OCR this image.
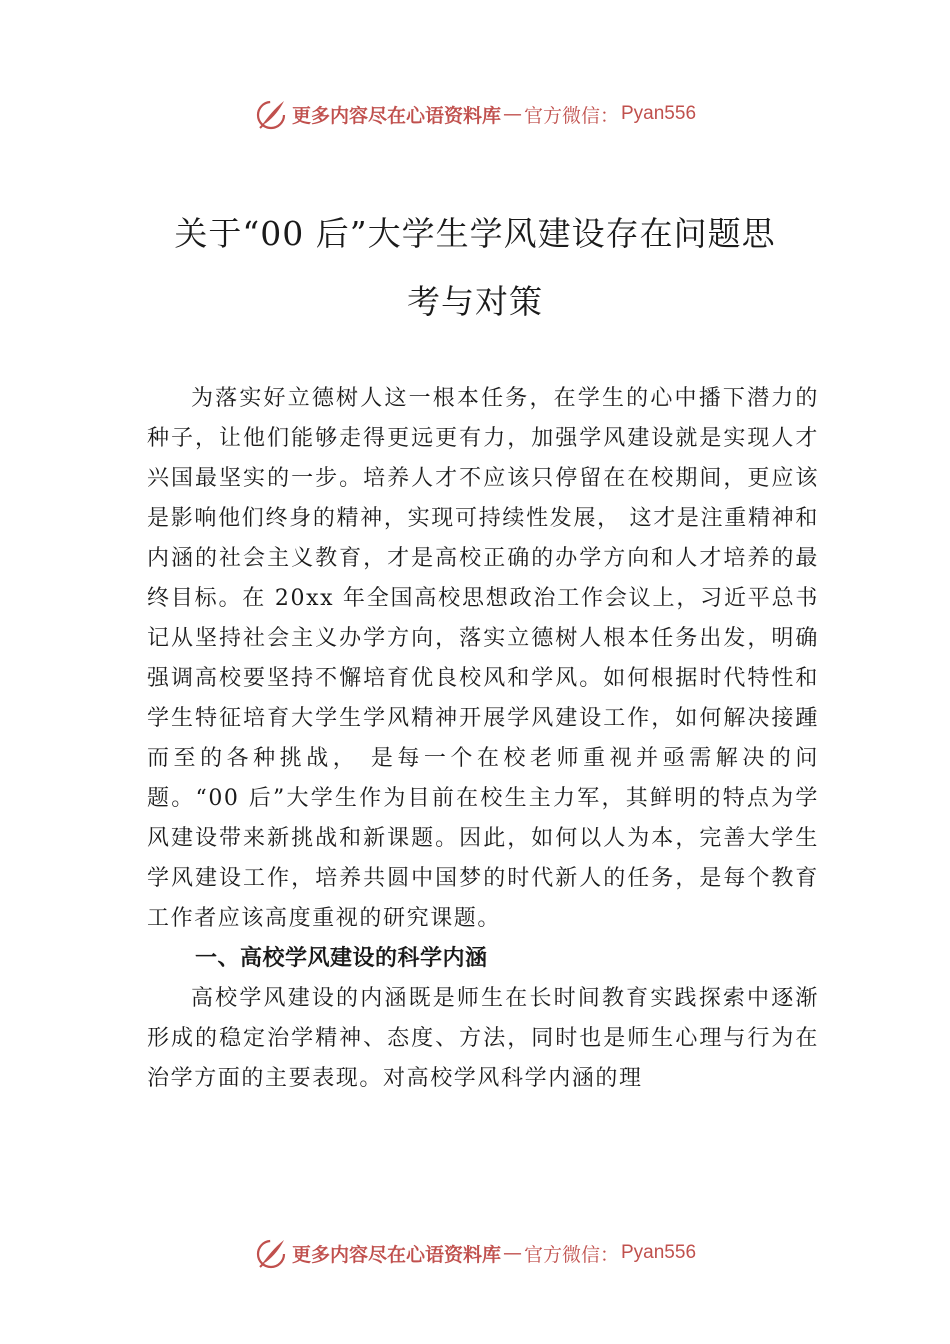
更多内容尽在心语资料库 — 官方微信： Pyan556
关于“00 后”大学生学风建设存在问题思
考与对策

为落实好立德树人这一根本任务，在学生的心中播下潜力的种子，让他们能够走得更远更有力，加强学风建设就是实现人才兴国最坚实的一步。培养人才不应该只停留在在校期间，更应该是影响他们终身的精神，实现可持续性发展， 这才是注重精神和内涵的社会主义教育，才是高校正确的办学方向和人才培养的最终目标。在 20xx 年全国高校思想政治工作会议上，习近平总书记从坚持社会主义办学方向，落实立德树人根本任务出发，明确强调高校要坚持不懈培育优良校风和学风。如何根据时代特性和学生特征培育大学生学风精神开展学风建设工作，如何解决接踵而至的各种挑战， 是每一个在校老师重视并亟需解决的问题。“00 后”大学生作为目前在校生主力军，其鲜明的特点为学风建设带来新挑战和新课题。因此，如何以人为本，完善大学生学风建设工作，培养共圆中国梦的时代新人的任务，是每个教育工作者应该高度重视的研究课题。

一、高校学风建设的科学内涵

高校学风建设的内涵既是师生在长时间教育实践探索中逐渐形成的稳定治学精神、态度、方法，同时也是师生心理与行为在治学方面的主要表现。对高校学风科学内涵的理

更多内容尽在心语资料库 — 官方微信： Pyan556
